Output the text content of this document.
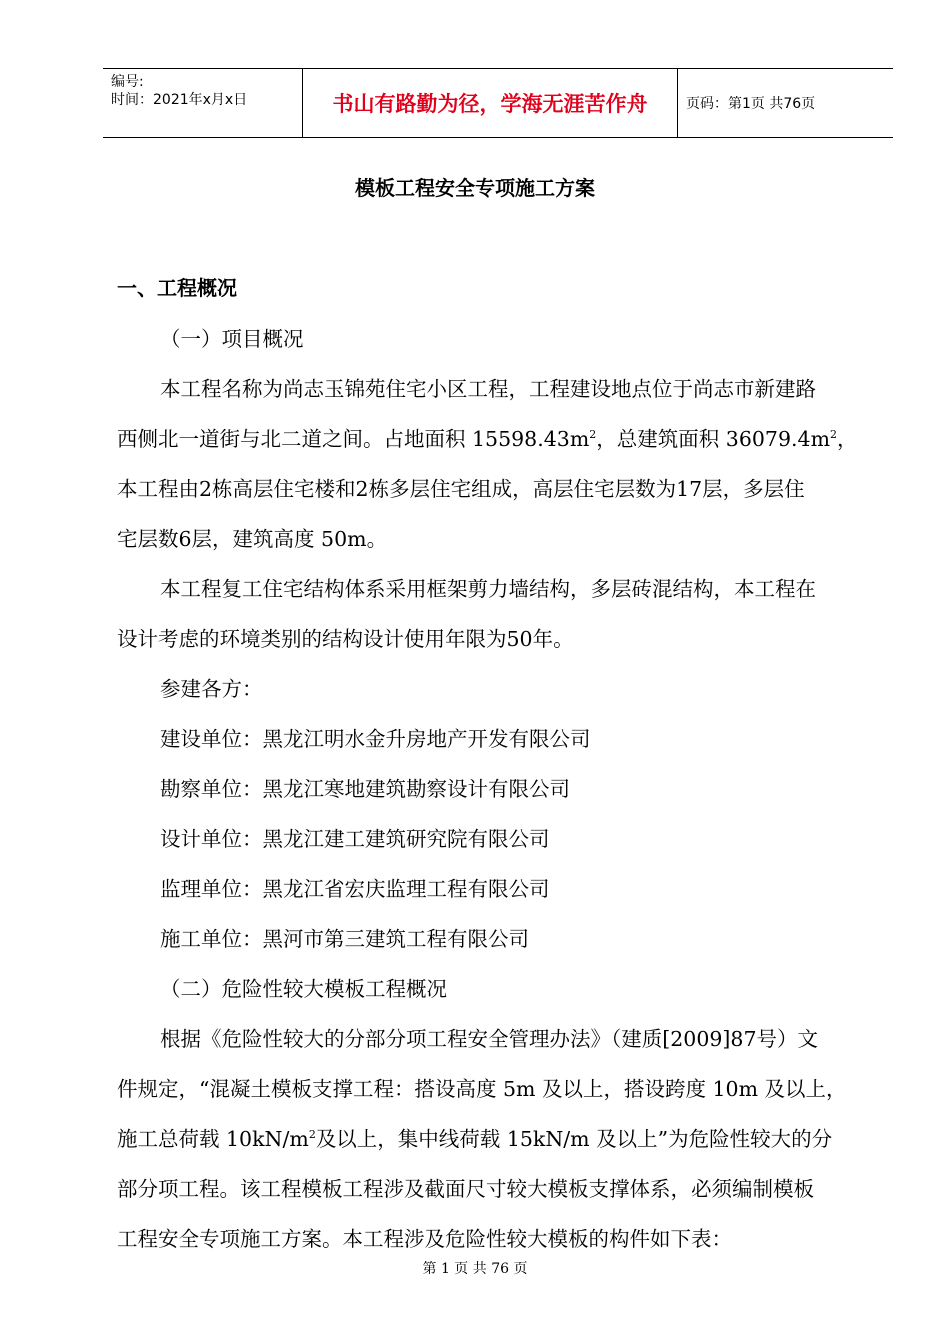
编号:
时间：2021年x月x日	书山有路勤为径，学海无涯苦作舟	页码：第1页 共76页
模板工程安全专项施工方案
一、工程概况
（一）项目概况
本工程名称为尚志玉锦苑住宅小区工程，工程建设地点位于尚志市新建路
西侧北一道街与北二道之间。占地面积 $15598.43m^2$，总建筑面积 $36079.4m^2$，
本工程由2栋高层住宅楼和2栋多层住宅组成，高层住宅层数为17层，多层住
宅层数6层，建筑高度 50m。
本工程复工住宅结构体系采用框架剪力墙结构，多层砖混结构，本工程在
设计考虑的环境类别的结构设计使用年限为50年。
参建各方：
建设单位：黑龙江明水金升房地产开发有限公司
勘察单位：黑龙江寒地建筑勘察设计有限公司
设计单位：黑龙江建工建筑研究院有限公司
监理单位：黑龙江省宏庆监理工程有限公司
施工单位：黑河市第三建筑工程有限公司
（二）危险性较大模板工程概况
根据《危险性较大的分部分项工程安全管理办法》（建质[2009]87号）文
件规定，“混凝土模板支撑工程：搭设高度 5m 及以上，搭设跨度 10m 及以上，
施工总荷载 $10kN/m^2$及以上，集中线荷载 15kN/m 及以上”为危险性较大的分
部分项工程。该工程模板工程涉及截面尺寸较大模板支撑体系，必须编制模板
工程安全专项施工方案。本工程涉及危险性较大模板的构件如下表：
第 1 页 共 76 页
